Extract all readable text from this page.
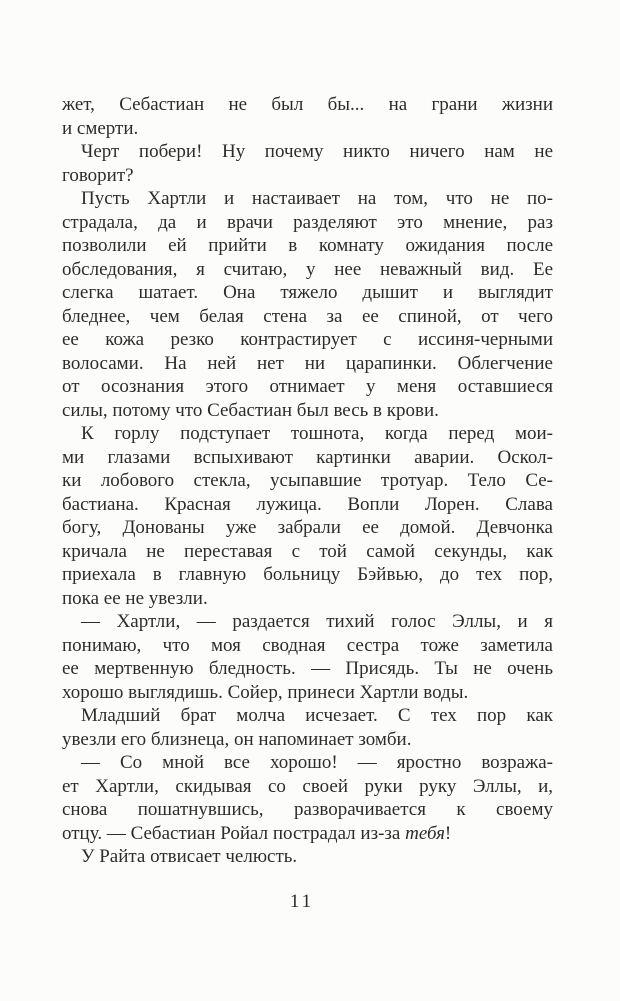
жет, Себастиан не был бы... на грани жизни
и смерти.
Черт побери! Ну почему никто ничего нам не
говорит?
Пусть Хартли и настаивает на том, что не по-
страдала, да и врачи разделяют это мнение, раз
позволили ей прийти в комнату ожидания после
обследования, я считаю, у нее неважный вид. Ее
слегка шатает. Она тяжело дышит и выглядит
бледнее, чем белая стена за ее спиной, от чего
ее кожа резко контрастирует с иссиня-черными
волосами. На ней нет ни царапинки. Облегчение
от осознания этого отнимает у меня оставшиеся
силы, потому что Себастиан был весь в крови.
К горлу подступает тошнота, когда перед мои-
ми глазами вспыхивают картинки аварии. Оскол-
ки лобового стекла, усыпавшие тротуар. Тело Се-
бастиана. Красная лужица. Вопли Лорен. Слава
богу, Донованы уже забрали ее домой. Девчонка
кричала не переставая с той самой секунды, как
приехала в главную больницу Бэйвью, до тех пор,
пока ее не увезли.
— Хартли, — раздается тихий голос Эллы, и я
понимаю, что моя сводная сестра тоже заметила
ее мертвенную бледность. — Присядь. Ты не очень
хорошо выглядишь. Сойер, принеси Хартли воды.
Младший брат молча исчезает. С тех пор как
увезли его близнеца, он напоминает зомби.
— Со мной все хорошо! — яростно возража-
ет Хартли, скидывая со своей руки руку Эллы, и,
снова пошатнувшись, разворачивается к своему
отцу. — Себастиан Ройал пострадал из-за тебя!
У Райта отвисает челюсть.
11
